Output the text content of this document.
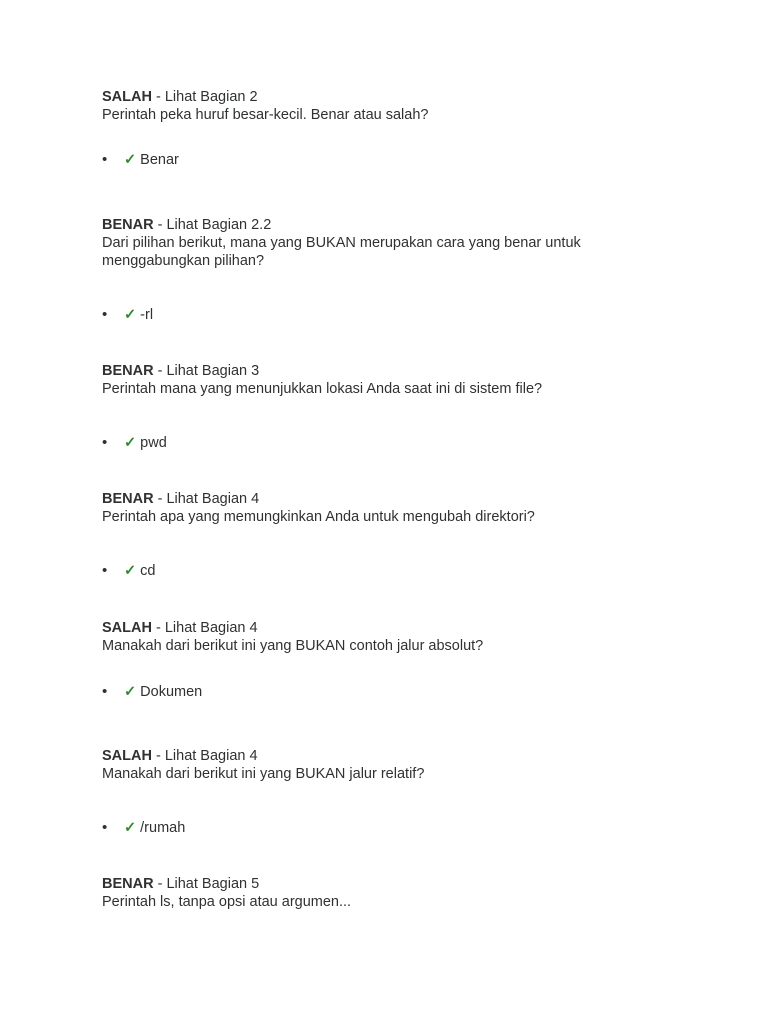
SALAH - Lihat Bagian 2
Perintah peka huruf besar-kecil. Benar atau salah?
•	✓ Benar
BENAR - Lihat Bagian 2.2
Dari pilihan berikut, mana yang BUKAN merupakan cara yang benar untuk menggabungkan pilihan?
•	✓ -rl
BENAR - Lihat Bagian 3
Perintah mana yang menunjukkan lokasi Anda saat ini di sistem file?
•	✓ pwd
BENAR - Lihat Bagian 4
Perintah apa yang memungkinkan Anda untuk mengubah direktori?
•	✓ cd
SALAH - Lihat Bagian 4
Manakah dari berikut ini yang BUKAN contoh jalur absolut?
•	✓ Dokumen
SALAH - Lihat Bagian 4
Manakah dari berikut ini yang BUKAN jalur relatif?
•	✓ /rumah
BENAR - Lihat Bagian 5
Perintah ls, tanpa opsi atau argumen...
